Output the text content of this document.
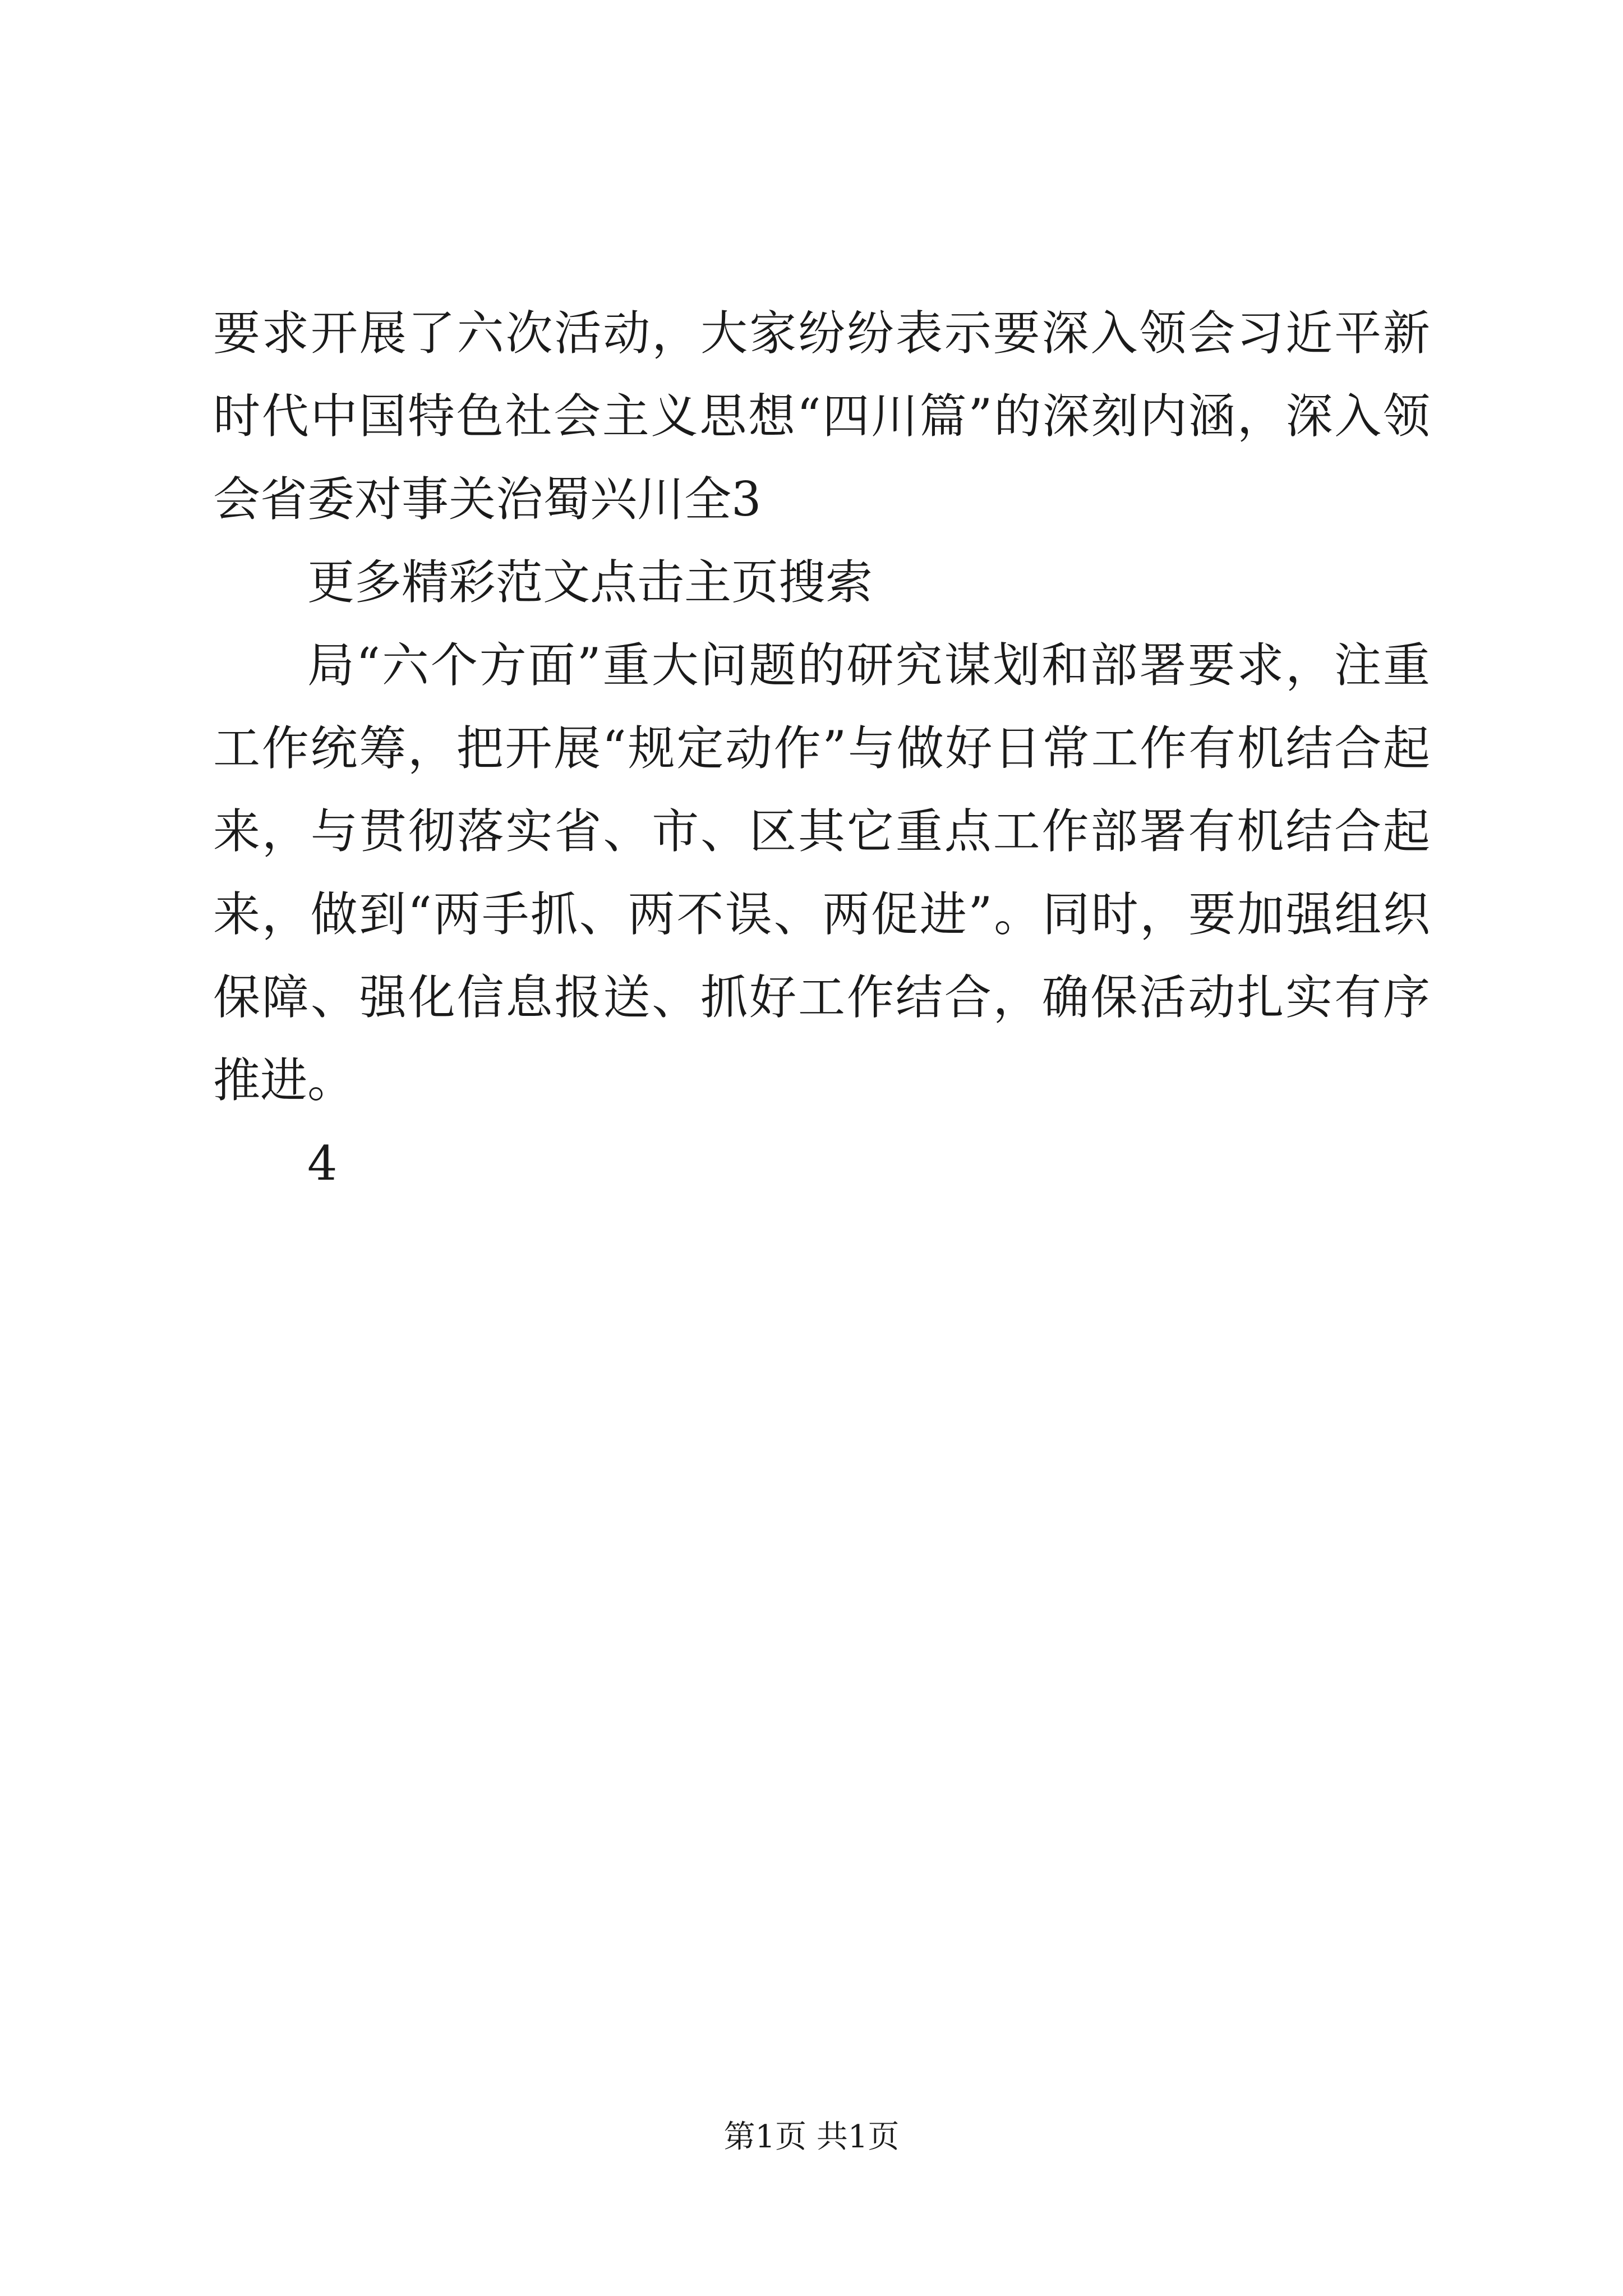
要求开展了六次活动，大家纷纷表示要深入领会习近平新时代中国特色社会主义思想“四川篇”的深刻内涵，深入领会省委对事关治蜀兴川全3

更多精彩范文点击主页搜索

局“六个方面”重大问题的研究谋划和部署要求，注重工作统筹，把开展“规定动作”与做好日常工作有机结合起来，与贯彻落实省、市、区其它重点工作部署有机结合起来，做到“两手抓、两不误、两促进”。同时，要加强组织保障、强化信息报送、抓好工作结合，确保活动扎实有序推进。

4

第1页 共1页
